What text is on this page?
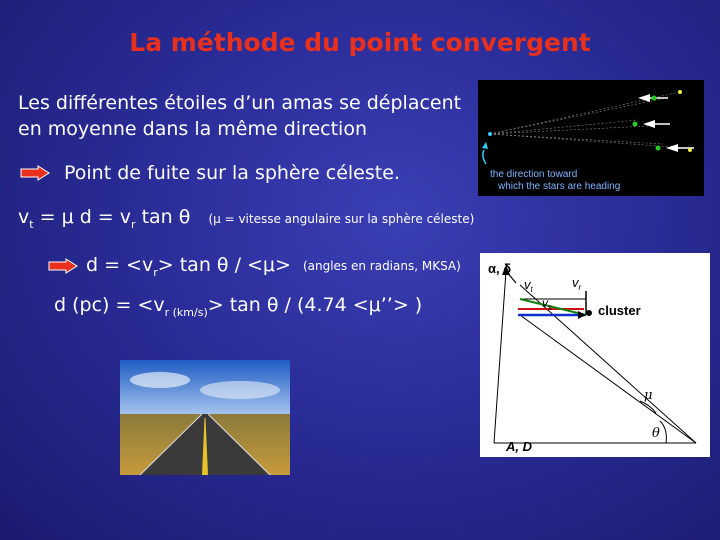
La méthode du point convergent
Les différentes étoiles d’un amas se déplacent
en moyenne dans la même direction
Point de fuite sur la sphère céleste.
$v_t = \mu$ $d = v_r$ tan θ (μ = vitesse angulaire sur la sphère céleste)
$d = <v_r> \tan \theta / <\mu>$ (angles en radians, MKSA)
d $(pc) = <v_{r (km/s)}> \tan \theta / (4.74$ <μ’’> )
the direction toward
which the stars are heading
α, δ
$v_t$	$v_r$
$v_s$	cluster
μ
θ
A, D
